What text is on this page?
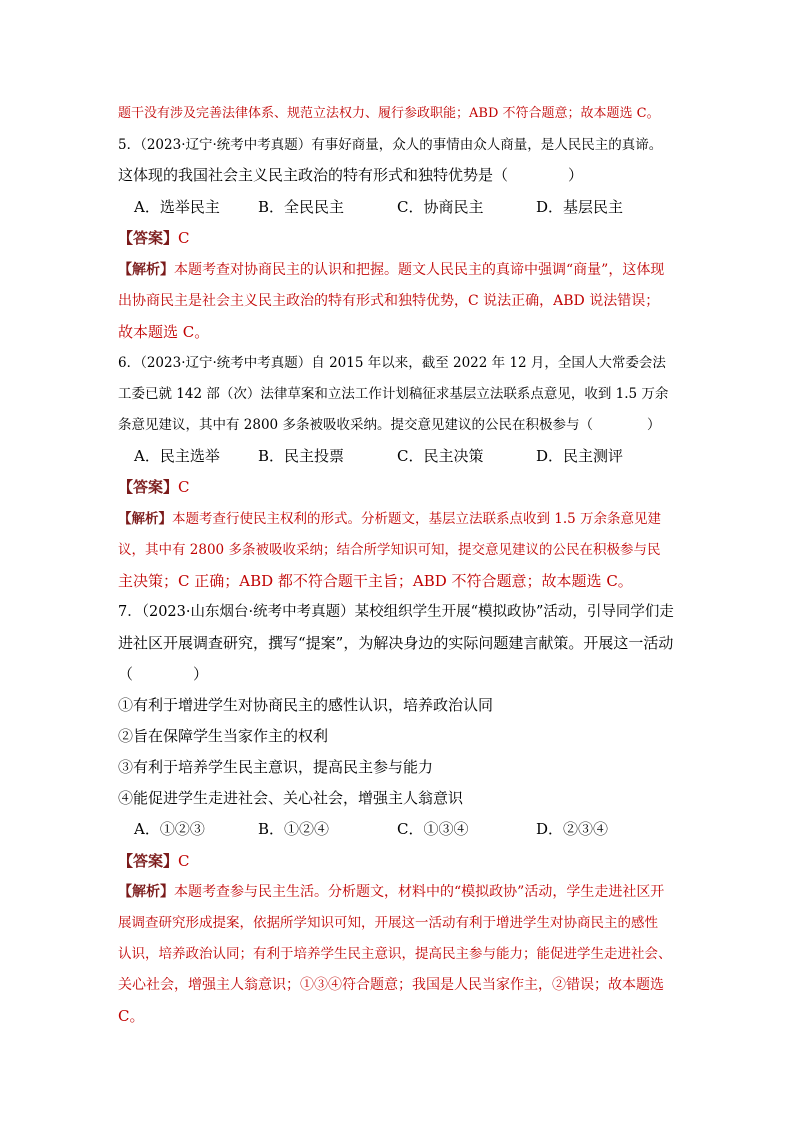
题干没有涉及完善法律体系、规范立法权力、履行参政职能；ABD 不符合题意；故本题选 C。
5．（2023·辽宁·统考中考真题）有事好商量，众人的事情由众人商量，是人民民主的真谛。
这体现的我国社会主义民主政治的特有形式和独特优势是（　　　　）
A．选举民主	B．全民民主	C．协商民主	D．基层民主
【答案】C
【解析】本题考查对协商民主的认识和把握。题文人民民主的真谛中强调“商量”，这体现
出协商民主是社会主义民主政治的特有形式和独特优势，C 说法正确，ABD 说法错误；
故本题选 C。
6．（2023·辽宁·统考中考真题）自 2015 年以来，截至 2022 年 12 月，全国人大常委会法
工委已就 142 部（次）法律草案和立法工作计划稿征求基层立法联系点意见，收到 1.5 万余
条意见建议，其中有 2800 多条被吸收采纳。提交意见建议的公民在积极参与（　　　　）
A．民主选举	B．民主投票	C．民主决策	D．民主测评
【答案】C
【解析】本题考查行使民主权利的形式。分析题文，基层立法联系点收到 1.5 万余条意见建
议，其中有 2800 多条被吸收采纳；结合所学知识可知，提交意见建议的公民在积极参与民
主决策；C 正确；ABD 都不符合题干主旨；ABD 不符合题意；故本题选 C。
7．（2023·山东烟台·统考中考真题）某校组织学生开展“模拟政协”活动，引导同学们走
进社区开展调查研究，撰写“提案”，为解决身边的实际问题建言献策。开展这一活动
（　　　　）
①有利于增进学生对协商民主的感性认识，培养政治认同
②旨在保障学生当家作主的权利
③有利于培养学生民主意识，提高民主参与能力
④能促进学生走进社会、关心社会，增强主人翁意识
A．①②③	B．①②④	C．①③④	D．②③④
【答案】C
【解析】本题考查参与民主生活。分析题文，材料中的“模拟政协”活动，学生走进社区开
展调查研究形成提案，依据所学知识可知，开展这一活动有利于增进学生对协商民主的感性
认识，培养政治认同；有利于培养学生民主意识，提高民主参与能力；能促进学生走进社会、
关心社会，增强主人翁意识；①③④符合题意；我国是人民当家作主，②错误；故本题选
C。
